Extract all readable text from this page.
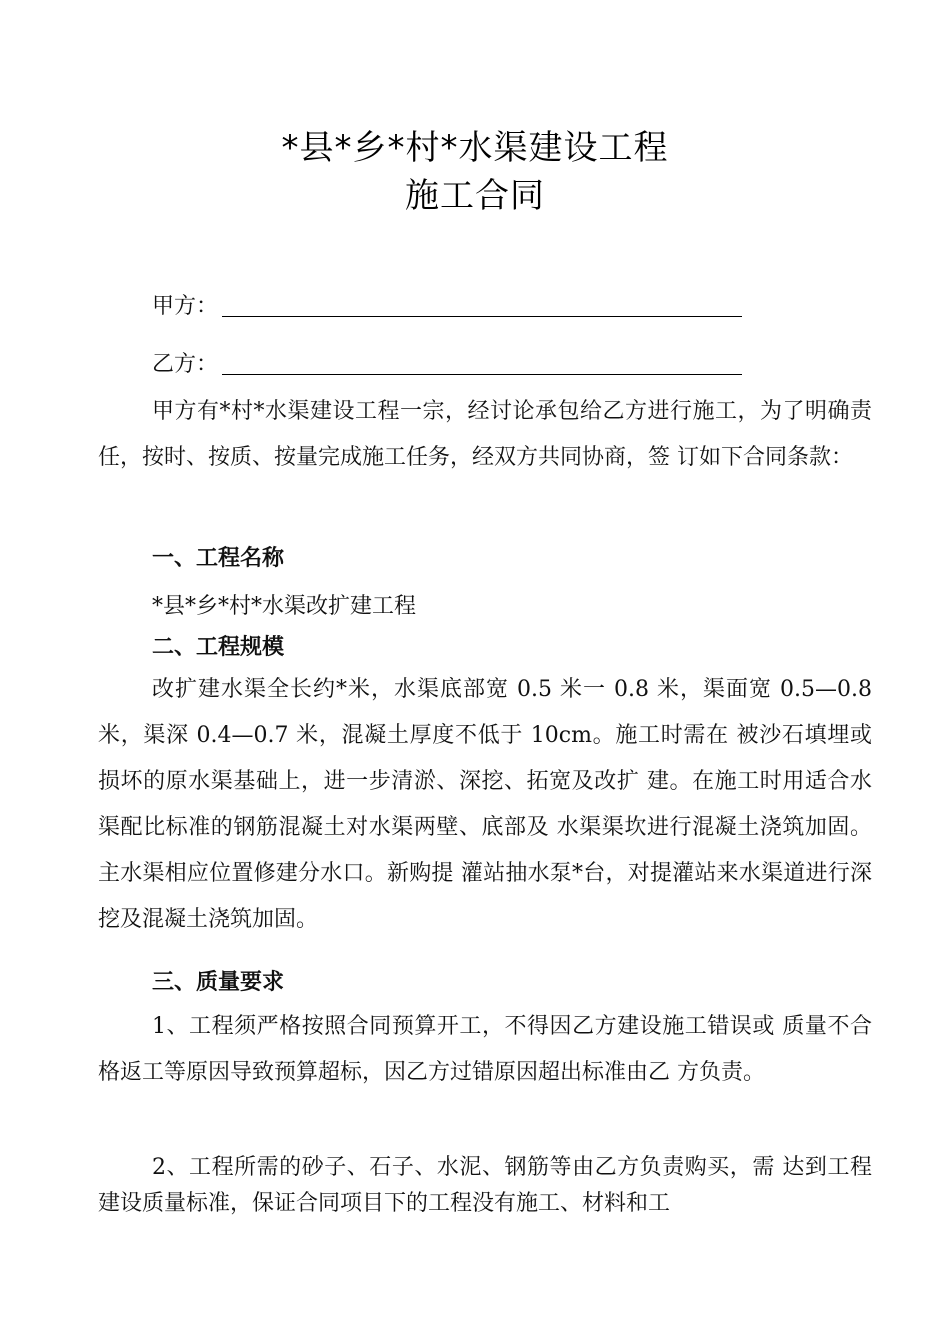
*县*乡*村*水渠建设工程
施工合同
甲方：
乙方：

甲方有*村*水渠建设工程一宗，经讨论承包给乙方进行施工，为了明确责任，按时、按质、按量完成施工任务，经双方共同协商，签 订如下合同条款：

一、工程名称
*县*乡*村*水渠改扩建工程
二、工程规模

改扩建水渠全长约*米，水渠底部宽 0.5 米一 0.8 米，渠面宽 0.5—0.8 米，渠深 0.4—0.7 米，混凝土厚度不低于 10cm。施工时需在 被沙石填埋或损坏的原水渠基础上，进一步清淤、深挖、拓宽及改扩 建。在施工时用适合水渠配比标准的钢筋混凝土对水渠两壁、底部及 水渠渠坎进行混凝土浇筑加固。主水渠相应位置修建分水口。新购提 灌站抽水泵*台，对提灌站来水渠道进行深挖及混凝土浇筑加固。

三、质量要求

1、工程须严格按照合同预算开工，不得因乙方建设施工错误或 质量不合格返工等原因导致预算超标，因乙方过错原因超出标准由乙 方负责。

2、工程所需的砂子、石子、水泥、钢筋等由乙方负责购买，需 达到工程建设质量标准，保证合同项目下的工程没有施工、材料和工
